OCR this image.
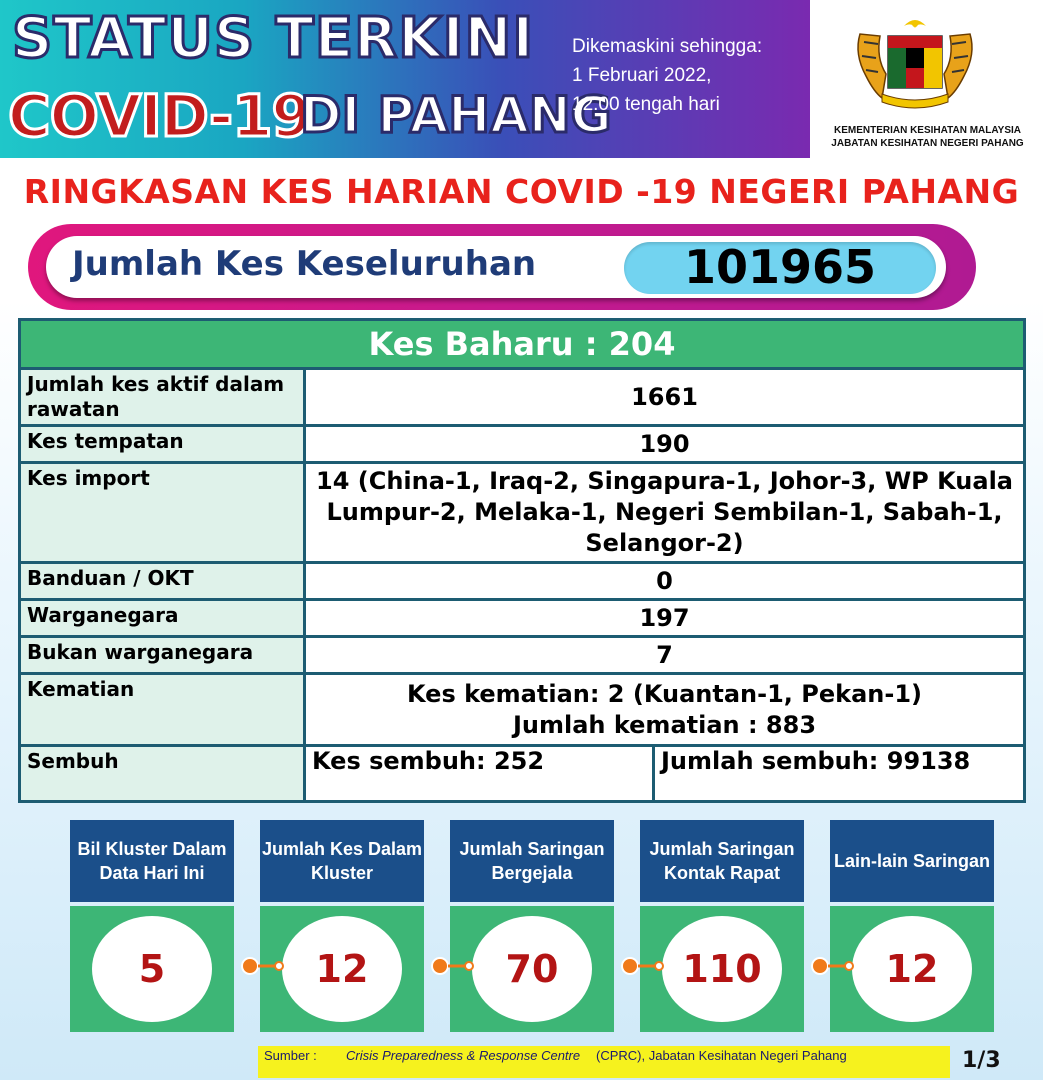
STATUS TERKINI
COVID-19
DI PAHANG
Dikemaskini sehingga:
1 Februari 2022,
12.00 tengah hari
KEMENTERIAN KESIHATAN MALAYSIA
JABATAN KESIHATAN NEGERI PAHANG
RINGKASAN KES HARIAN COVID -19 NEGERI PAHANG
Jumlah Kes Keseluruhan	101965
Kes Baharu : 204		
Jumlah kes aktif dalam rawatan	1661	
Kes tempatan	190	
Kes import	14 (China-1, Iraq-2, Singapura-1, Johor-3, WP Kuala Lumpur-2, Melaka-1, Negeri Sembilan-1, Sabah-1, Selangor-2)	
Banduan / OKT	0	
Warganegara	197	
Bukan warganegara	7	
Kematian	Kes kematian: 2 (Kuantan-1, Pekan-1)
Jumlah kematian : 883	

Sembuh	Kes sembuh: 252	Jumlah sembuh: 99138
Bil Kluster Dalam Data Hari Ini
5
Jumlah Kes Dalam Kluster
12
Jumlah Saringan Bergejala
70
Jumlah Saringan Kontak Rapat
110
Lain-lain Saringan
12
Sumber : Crisis Preparedness & Response Centre (CPRC), Jabatan Kesihatan Negeri Pahang	1/3
